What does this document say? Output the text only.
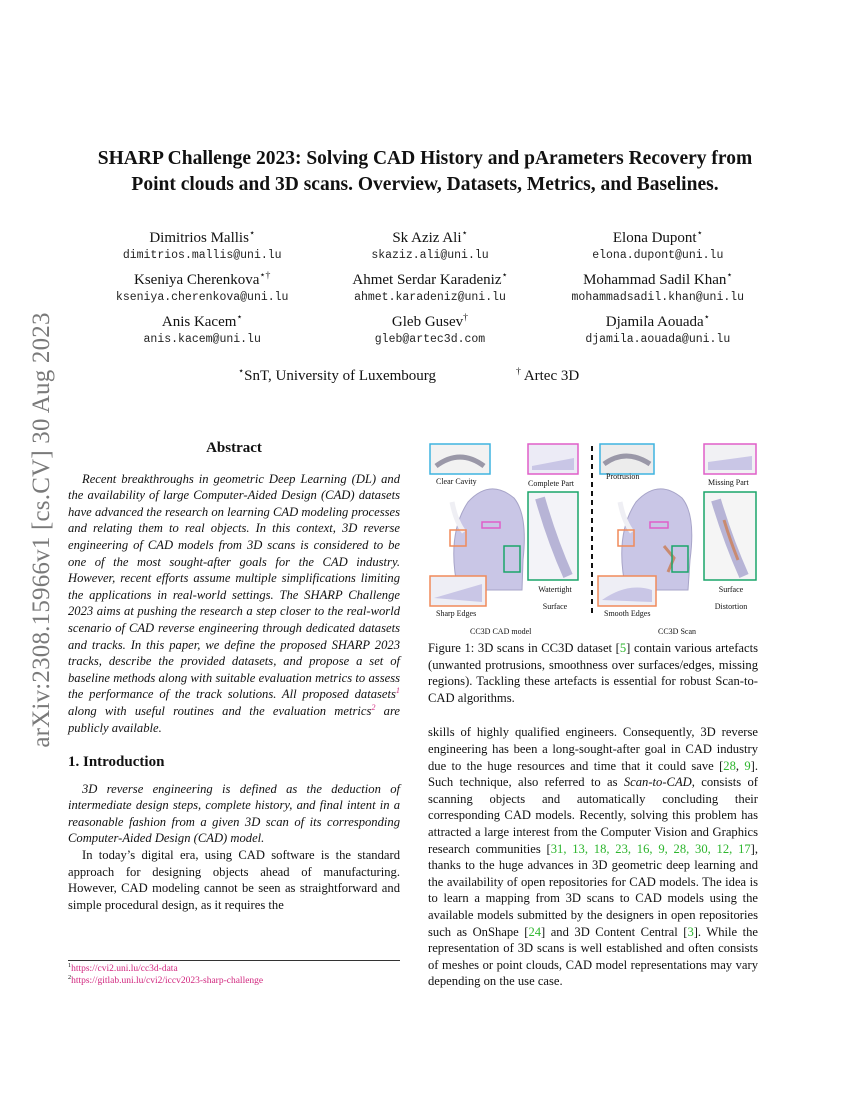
arXiv:2308.15966v1 [cs.CV] 30 Aug 2023
SHARP Challenge 2023: Solving CAD History and pArameters Recovery from
Point clouds and 3D scans. Overview, Datasets, Metrics, and Baselines.
Dimitrios Mallis⋆
dimitrios.mallis@uni.lu
Sk Aziz Ali⋆
skaziz.ali@uni.lu
Elona Dupont⋆
elona.dupont@uni.lu
Kseniya Cherenkova⋆†
kseniya.cherenkova@uni.lu
Ahmet Serdar Karadeniz⋆
ahmet.karadeniz@uni.lu
Mohammad Sadil Khan⋆
mohammadsadil.khan@uni.lu
Anis Kacem⋆
anis.kacem@uni.lu
Gleb Gusev†
gleb@artec3d.com
Djamila Aouada⋆
djamila.aouada@uni.lu
⋆SnT, University of Luxembourg	† Artec 3D
Abstract

Recent breakthroughs in geometric Deep Learning (DL) and the availability of large Computer-Aided Design (CAD) datasets have advanced the research on learning CAD modeling processes and relating them to real objects. In this context, 3D reverse engineering of CAD models from 3D scans is considered to be one of the most sought-after goals for the CAD industry. However, recent efforts assume multiple simplifications limiting the applications in real-world settings. The SHARP Challenge 2023 aims at pushing the research a step closer to the real-world scenario of CAD reverse engineering through dedicated datasets and tracks. In this paper, we define the proposed SHARP 2023 tracks, describe the provided datasets, and propose a set of baseline methods along with suitable evaluation metrics to assess the performance of the track solutions. All proposed datasets$^1$ along with useful routines and the evaluation metrics$^2$ are publicly available.

1. Introduction

3D reverse engineering is defined as the deduction of intermediate design steps, complete history, and final intent in a reasonable fashion from a given 3D scan of its corresponding Computer-Aided Design (CAD) model.

In today’s digital era, using CAD software is the standard approach for designing objects ahead of manufacturing. However, CAD modeling cannot be seen as straightforward and simple procedural design, as it requires the

$^1$https://cvi2.uni.lu/cc3d-data
$^2$https://gitlab.uni.lu/cvi2/iccv2023-sharp-challenge
Clear Cavity	Complete Part
Protrusion
Missing Part
Watertight Surface
Surface Distortion
Sharp Edges	Smooth Edges
CC3D CAD model	CC3D Scan

Figure 1: 3D scans in CC3D dataset [5] contain various artefacts (unwanted protrusions, smoothness over surfaces/edges, missing regions). Tackling these artefacts is essential for robust Scan-to-CAD algorithms.

skills of highly qualified engineers. Consequently, 3D reverse engineering has been a long-sought-after goal in CAD industry due to the huge resources and time that it could save [28, 9]. Such technique, also referred to as Scan-to-CAD, consists of scanning objects and automatically concluding their corresponding CAD models. Recently, solving this problem has attracted a large interest from the Computer Vision and Graphics research communities [31, 13, 18, 23, 16, 9, 28, 30, 12, 17], thanks to the huge advances in 3D geometric deep learning and the availability of open repositories for CAD models. The idea is to learn a mapping from 3D scans to CAD models using the available models submitted by the designers in open repositories such as OnShape [24] and 3D Content Central [3]. While the representation of 3D scans is well established and often consists of meshes or point clouds, CAD model representations may vary depending on the use case.
